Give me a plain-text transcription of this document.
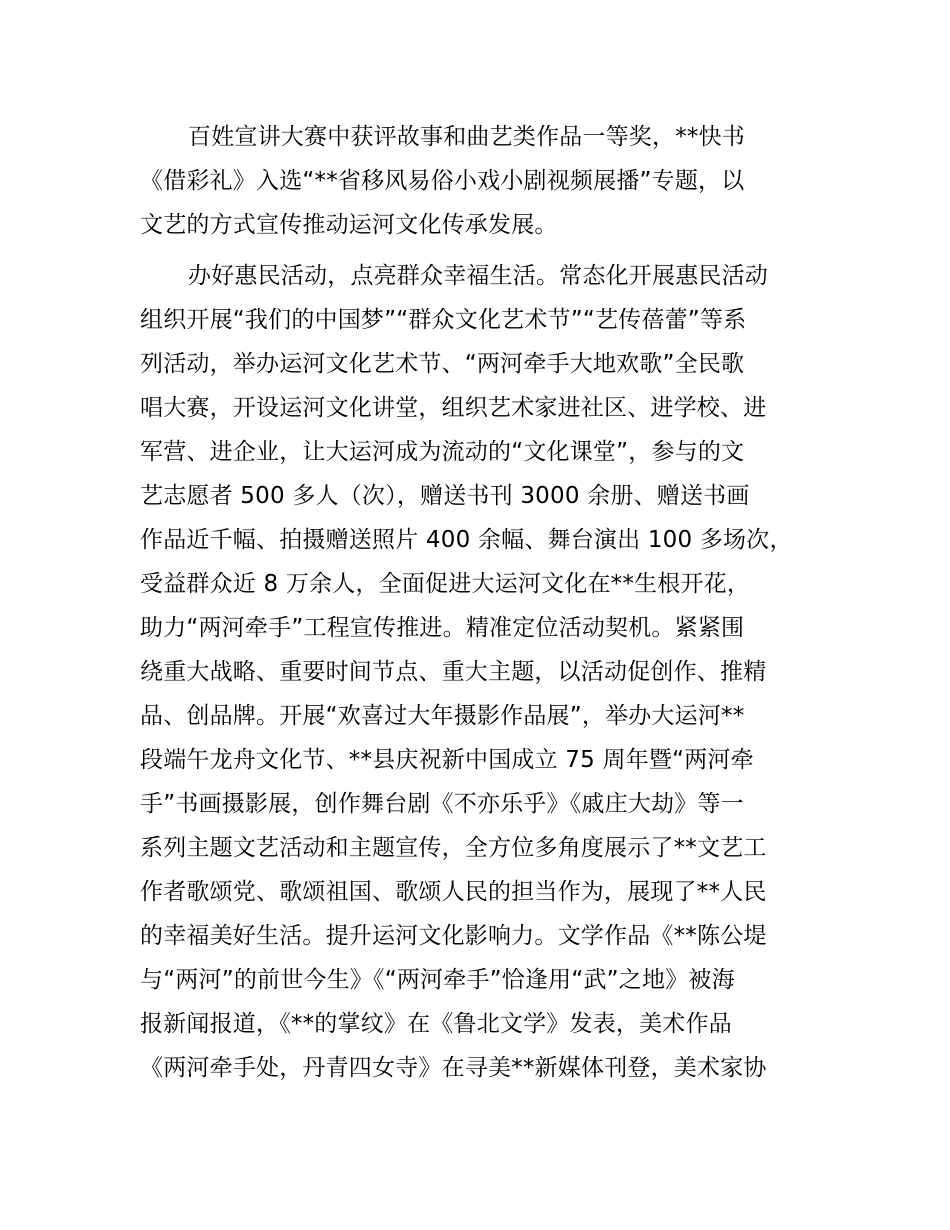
百姓宣讲大赛中获评故事和曲艺类作品一等奖，**快书
《借彩礼》入选“**省移风易俗小戏小剧视频展播”专题，以
文艺的方式宣传推动运河文化传承发展。
办好惠民活动，点亮群众幸福生活。常态化开展惠民活动
组织开展“我们的中国梦”“群众文化艺术节”“艺传蓓蕾”等系
列活动，举办运河文化艺术节、“两河牵手大地欢歌”全民歌
唱大赛，开设运河文化讲堂，组织艺术家进社区、进学校、进
军营、进企业，让大运河成为流动的“文化课堂”，参与的文
艺志愿者 500 多人（次），赠送书刊 3000 余册、赠送书画
作品近千幅、拍摄赠送照片 400 余幅、舞台演出 100 多场次，
受益群众近 8 万余人，全面促进大运河文化在**生根开花，
助力“两河牵手”工程宣传推进。精准定位活动契机。紧紧围
绕重大战略、重要时间节点、重大主题，以活动促创作、推精
品、创品牌。开展“欢喜过大年摄影作品展”，举办大运河**
段端午龙舟文化节、**县庆祝新中国成立 75 周年暨“两河牵
手”书画摄影展，创作舞台剧《不亦乐乎》《戚庄大劫》等一
系列主题文艺活动和主题宣传，全方位多角度展示了**文艺工
作者歌颂党、歌颂祖国、歌颂人民的担当作为，展现了**人民
的幸福美好生活。提升运河文化影响力。文学作品《**陈公堤
与“两河”的前世今生》《“两河牵手”恰逢用“武”之地》被海
报新闻报道，《**的掌纹》在《鲁北文学》发表，美术作品
《两河牵手处，丹青四女寺》在寻美**新媒体刊登，美术家协
